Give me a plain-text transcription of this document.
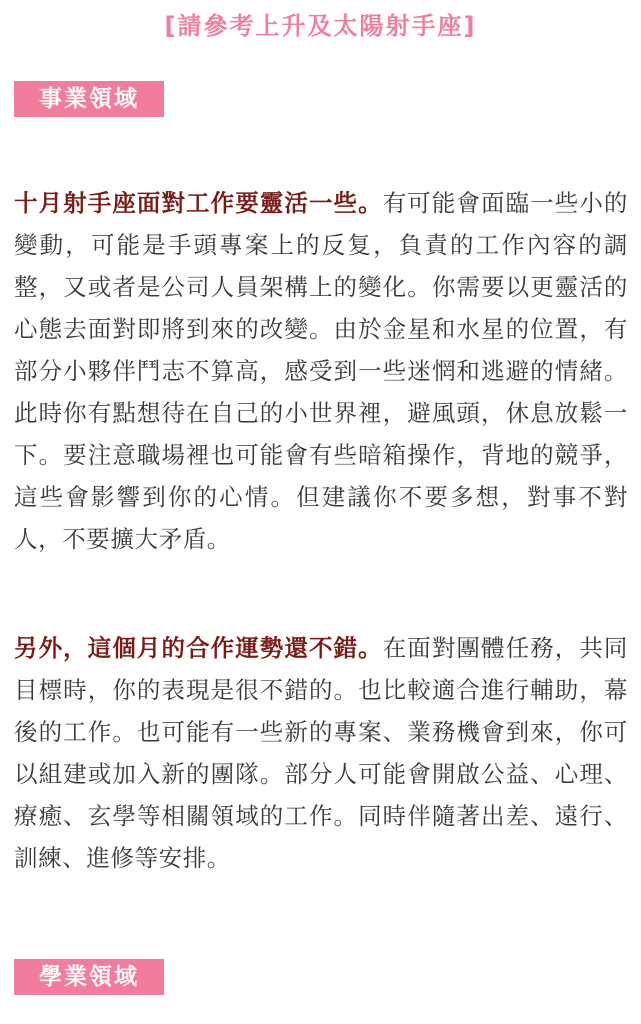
[請參考上升及太陽射手座]
事業領域

十月射手座面對工作要靈活一些。有可能會面臨一些小的變動，可能是手頭專案上的反复，負責的工作內容的調整，又或者是公司人員架構上的變化。你需要以更靈活的心態去面對即將到來的改變。由於金星和水星的位置，有部分小夥伴鬥志不算高，感受到一些迷惘和逃避的情緒。此時你有點想待在自己的小世界裡，避風頭，休息放鬆一下。要注意職場裡也可能會有些暗箱操作，背地的競爭，這些會影響到你的心情。但建議你不要多想，對事不對人，不要擴大矛盾。

另外，這個月的合作運勢還不錯。在面對團體任務，共同目標時，你的表現是很不錯的。也比較適合進行輔助，幕後的工作。也可能有一些新的專案、業務機會到來，你可以組建或加入新的團隊。部分人可能會開啟公益、心理、療癒、玄學等相關領域的工作。同時伴隨著出差、遠行、訓練、進修等安排。

學業領域
